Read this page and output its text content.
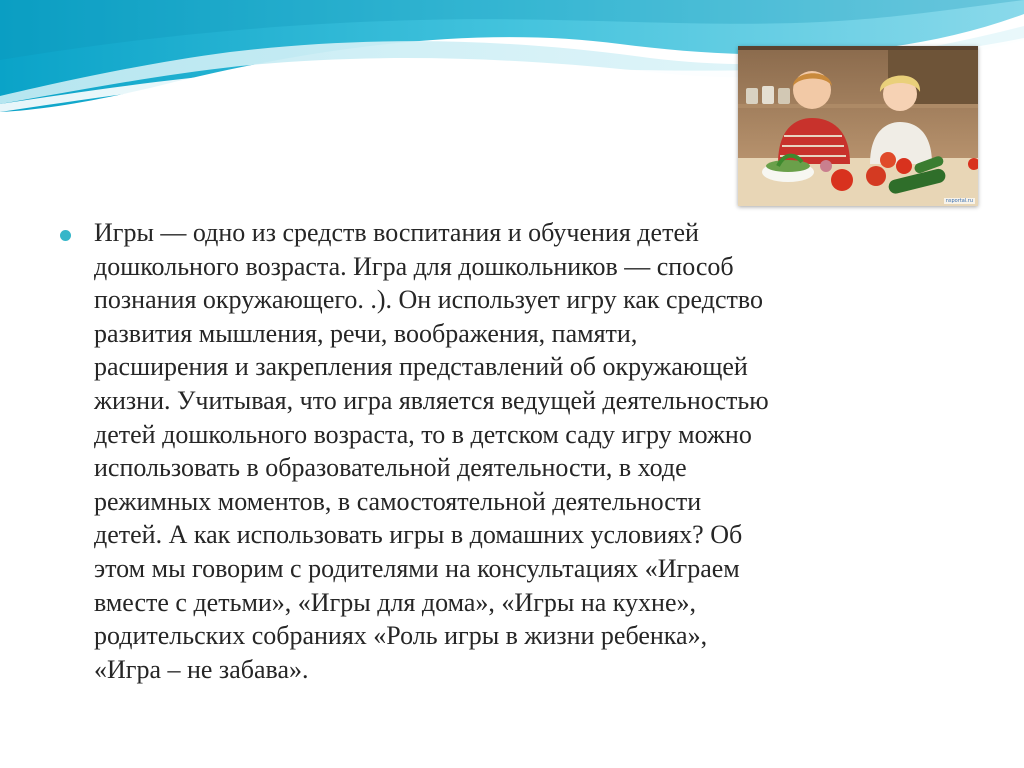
nsportal.ru

Игры — одно из средств воспитания и обучения детей
дошкольного возраста. Игра для дошкольников — способ
познания окружающего. .). Он использует игру как средство
развития мышления, речи, воображения, памяти,
расширения и закрепления представлений об окружающей
жизни. Учитывая, что игра является ведущей деятельностью
детей дошкольного возраста, то в детском саду игру можно
использовать в образовательной деятельности, в ходе
режимных моментов, в самостоятельной деятельности
детей. А как использовать игры в домашних условиях? Об
этом мы говорим с родителями на консультациях «Играем
вместе с детьми», «Игры для дома», «Игры на кухне»,
родительских собраниях «Роль игры в жизни ребенка»,
«Игра – не забава».
